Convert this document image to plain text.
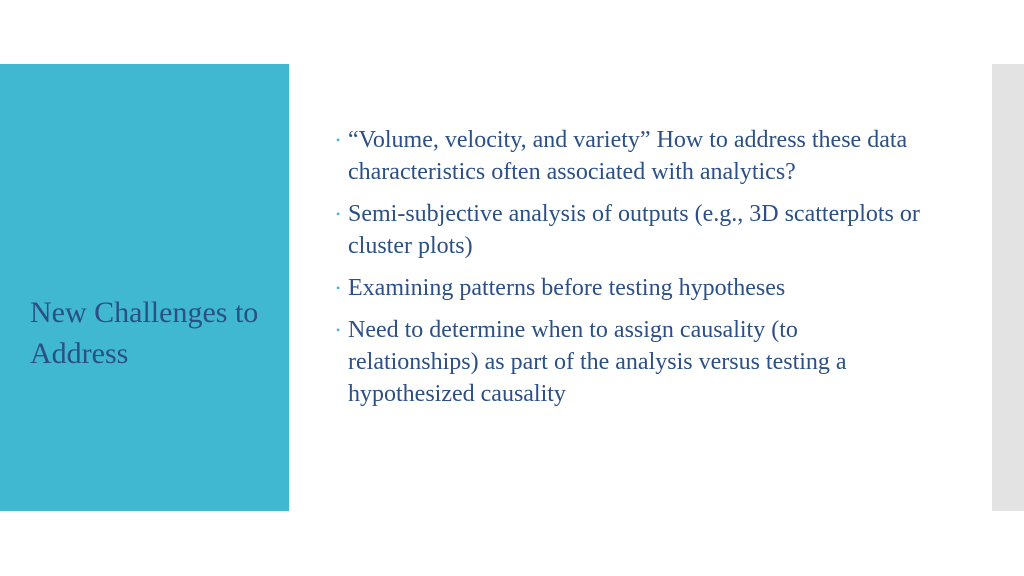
New Challenges to Address
• “Volume, velocity, and variety” How to address these data characteristics often associated with analytics?
• Semi-subjective analysis of outputs (e.g., 3D scatterplots or cluster plots)
• Examining patterns before testing hypotheses
• Need to determine when to assign causality (to relationships) as part of the analysis versus testing a hypothesized causality
